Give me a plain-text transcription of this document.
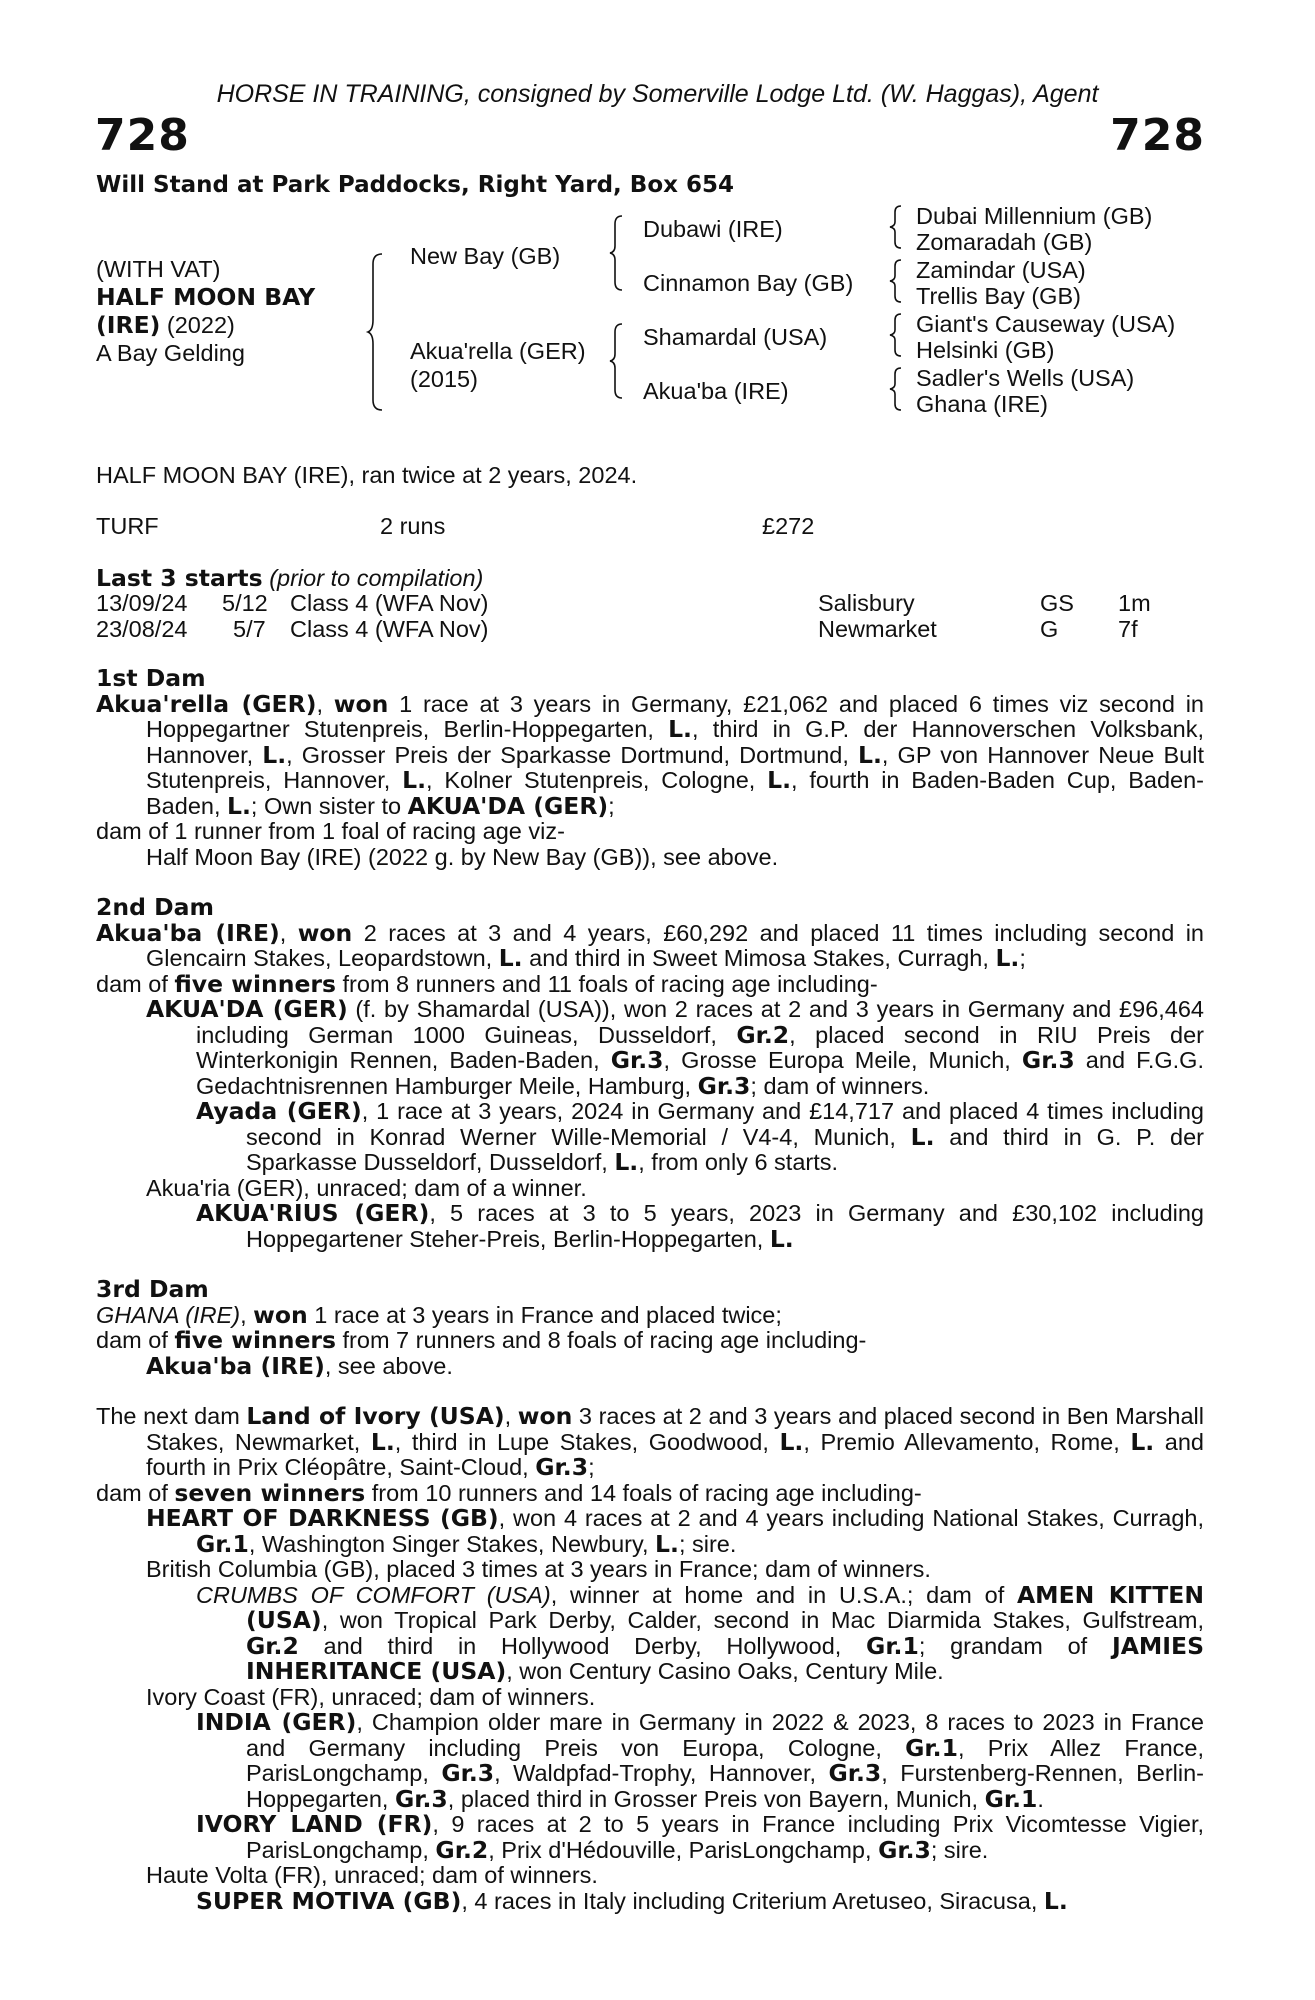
HORSE IN TRAINING, consigned by Somerville Lodge Ltd. (W. Haggas), Agent
728	728
Will Stand at Park Paddocks, Right Yard, Box 654
(WITH VAT)
HALF MOON BAY
(IRE) (2022)
A Bay Gelding
New Bay (GB)
Akua'rella (GER)
(2015)
Dubawi (IRE)
Cinnamon Bay (GB)
Shamardal (USA)
Akua'ba (IRE)
Dubai Millennium (GB)
Zomaradah (GB)
Zamindar (USA)
Trellis Bay (GB)
Giant's Causeway (USA)
Helsinki (GB)
Sadler's Wells (USA)
Ghana (IRE)
HALF MOON BAY (IRE), ran twice at 2 years, 2024.
TURF	2 runs	£272
Last 3 starts (prior to compilation)
13/09/24 5/12 Class 4 (WFA Nov)	Salisbury	GS 1m
23/08/24 5/7 Class 4 (WFA Nov)	Newmarket	G	7f

1st Dam

Akua'rella (GER), won 1 race at 3 years in Germany, £21,062 and placed 6 times viz second in Hoppegartner Stutenpreis, Berlin-Hoppegarten, L., third in G.P. der Hannoverschen Volksbank, Hannover, L., Grosser Preis der Sparkasse Dortmund, Dortmund, L., GP von Hannover Neue Bult Stutenpreis, Hannover, L., Kolner Stutenpreis, Cologne, L., fourth in Baden-Baden Cup, Baden-Baden, L.; Own sister to AKUA'DA (GER);

dam of 1 runner from 1 foal of racing age viz-

Half Moon Bay (IRE) (2022 g. by New Bay (GB)), see above.

2nd Dam

Akua'ba (IRE), won 2 races at 3 and 4 years, £60,292 and placed 11 times including second in Glencairn Stakes, Leopardstown, L. and third in Sweet Mimosa Stakes, Curragh, L.;

dam of five winners from 8 runners and 11 foals of racing age including-

AKUA'DA (GER) (f. by Shamardal (USA)), won 2 races at 2 and 3 years in Germany and £96,464 including German 1000 Guineas, Dusseldorf, Gr.2, placed second in RIU Preis der Winterkonigin Rennen, Baden-Baden, Gr.3, Grosse Europa Meile, Munich, Gr.3 and F.G.G. Gedachtnisrennen Hamburger Meile, Hamburg, Gr.3; dam of winners.

Ayada (GER), 1 race at 3 years, 2024 in Germany and £14,717 and placed 4 times including second in Konrad Werner Wille-Memorial / V4-4, Munich, L. and third in G. P. der Sparkasse Dusseldorf, Dusseldorf, L., from only 6 starts.

Akua'ria (GER), unraced; dam of a winner.

AKUA'RIUS (GER), 5 races at 3 to 5 years, 2023 in Germany and £30,102 including Hoppegartener Steher-Preis, Berlin-Hoppegarten, L.

3rd Dam

GHANA (IRE), won 1 race at 3 years in France and placed twice;

dam of five winners from 7 runners and 8 foals of racing age including-

Akua'ba (IRE), see above.

The next dam Land of Ivory (USA), won 3 races at 2 and 3 years and placed second in Ben Marshall Stakes, Newmarket, L., third in Lupe Stakes, Goodwood, L., Premio Allevamento, Rome, L. and fourth in Prix Cléopâtre, Saint-Cloud, Gr.3;

dam of seven winners from 10 runners and 14 foals of racing age including-

HEART OF DARKNESS (GB), won 4 races at 2 and 4 years including National Stakes, Curragh, Gr.1, Washington Singer Stakes, Newbury, L.; sire.

British Columbia (GB), placed 3 times at 3 years in France; dam of winners.

CRUMBS OF COMFORT (USA), winner at home and in U.S.A.; dam of AMEN KITTEN (USA), won Tropical Park Derby, Calder, second in Mac Diarmida Stakes, Gulfstream, Gr.2 and third in Hollywood Derby, Hollywood, Gr.1; grandam of JAMIES INHERITANCE (USA), won Century Casino Oaks, Century Mile.

Ivory Coast (FR), unraced; dam of winners.

INDIA (GER), Champion older mare in Germany in 2022 & 2023, 8 races to 2023 in France and Germany including Preis von Europa, Cologne, Gr.1, Prix Allez France, ParisLongchamp, Gr.3, Waldpfad-Trophy, Hannover, Gr.3, Furstenberg-Rennen, Berlin-Hoppegarten, Gr.3, placed third in Grosser Preis von Bayern, Munich, Gr.1.

IVORY LAND (FR), 9 races at 2 to 5 years in France including Prix Vicomtesse Vigier, ParisLongchamp, Gr.2, Prix d'Hédouville, ParisLongchamp, Gr.3; sire.

Haute Volta (FR), unraced; dam of winners.

SUPER MOTIVA (GB), 4 races in Italy including Criterium Aretuseo, Siracusa, L.
